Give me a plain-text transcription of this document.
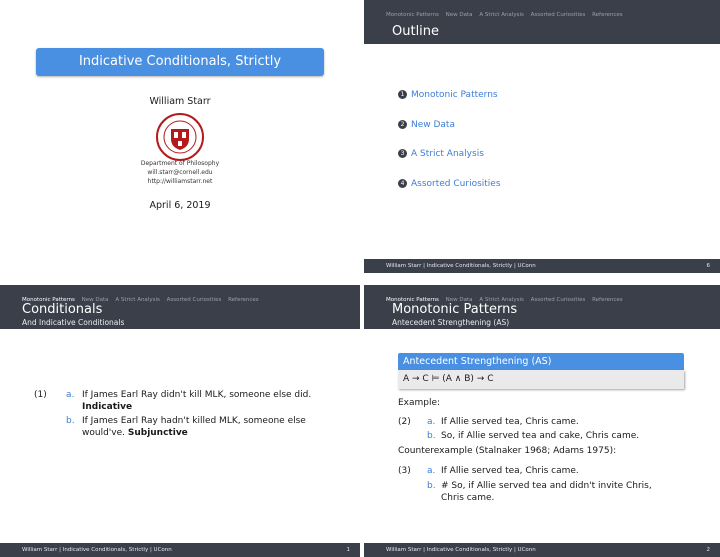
Indicative Conditionals, Strictly
William Starr
Department of Philosophy
will.starr@cornell.edu
http://williamstarr.net
April 6, 2019
Monotonic Patterns New Data A Strict Analysis Assorted Curiosities References
Outline
1 Monotonic Patterns
2 New Data
3 A Strict Analysis
4 Assorted Curiosities
William Starr | Indicative Conditionals, Strictly | UConn	6
Monotonic Patterns New Data A Strict Analysis Assorted Curiosities References
Conditionals
And Indicative Conditionals
(1) a. If James Earl Ray didn't kill MLK, someone else did.
Indicative
b. If James Earl Ray hadn't killed MLK, someone else
would've. Subjunctive
William Starr | Indicative Conditionals, Strictly | UConn	1
Monotonic Patterns New Data A Strict Analysis Assorted Curiosities References
Monotonic Patterns
Antecedent Strengthening (AS)
Antecedent Strengthening (AS)
A → C ⊨ (A ∧ B) → C
Example:
(2) a. If Allie served tea, Chris came.
b. So, if Allie served tea and cake, Chris came.
Counterexample (Stalnaker 1968; Adams 1975):
(3) a. If Allie served tea, Chris came.
b. # So, if Allie served tea and didn't invite Chris,
Chris came.
William Starr | Indicative Conditionals, Strictly | UConn	2
